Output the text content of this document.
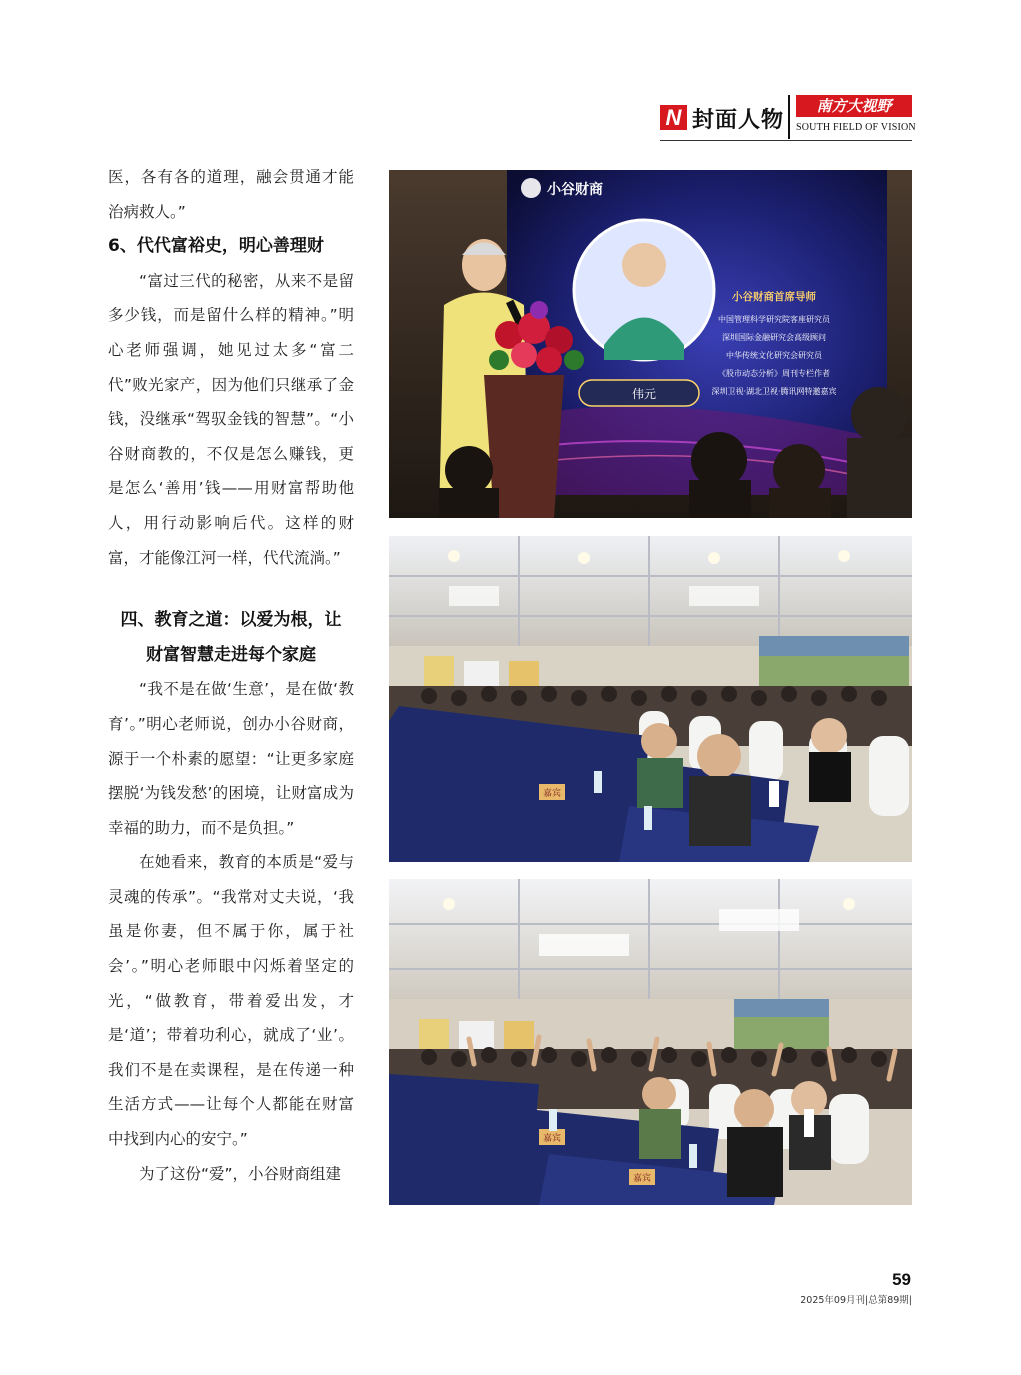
N 封面人物
南方大视野
SOUTH FIELD OF VISION

医，各有各的道理，融会贯通才能治病救人。”

6、代代富裕史，明心善理财

“富过三代的秘密，从来不是留多少钱，而是留什么样的精神。”明心老师强调，她见过太多“富二代”败光家产，因为他们只继承了金钱，没继承“驾驭金钱的智慧”。“小谷财商教的，不仅是怎么赚钱，更是怎么‘善用’钱——用财富帮助他人，用行动影响后代。这样的财富，才能像江河一样，代代流淌。”

四、教育之道：以爱为根，让
财富智慧走进每个家庭

“我不是在做‘生意’，是在做‘教育’。”明心老师说，创办小谷财商，源于一个朴素的愿望：“让更多家庭摆脱‘为钱发愁’的困境，让财富成为幸福的助力，而不是负担。”

在她看来，教育的本质是“爱与灵魂的传承”。“我常对丈夫说，‘我虽是你妻，但不属于你，属于社会’。”明心老师眼中闪烁着坚定的光，“做教育，带着爱出发，才是‘道’；带着功利心，就成了‘业’。我们不是在卖课程，是在传递一种生活方式——让每个人都能在财富中找到内心的安宁。”

为了这份“爱”，小谷财商组建

小谷财商
小谷财商首席导师
中国管理科学研究院客座研究员
深圳国际金融研究会高级顾问
中华传统文化研究会研究员
《股市动态分析》周刊专栏作者
深圳卫视·湖北卫视·腾讯网特邀嘉宾
伟元
嘉宾
嘉宾
嘉宾
59
2025年09月刊|总第89期|
